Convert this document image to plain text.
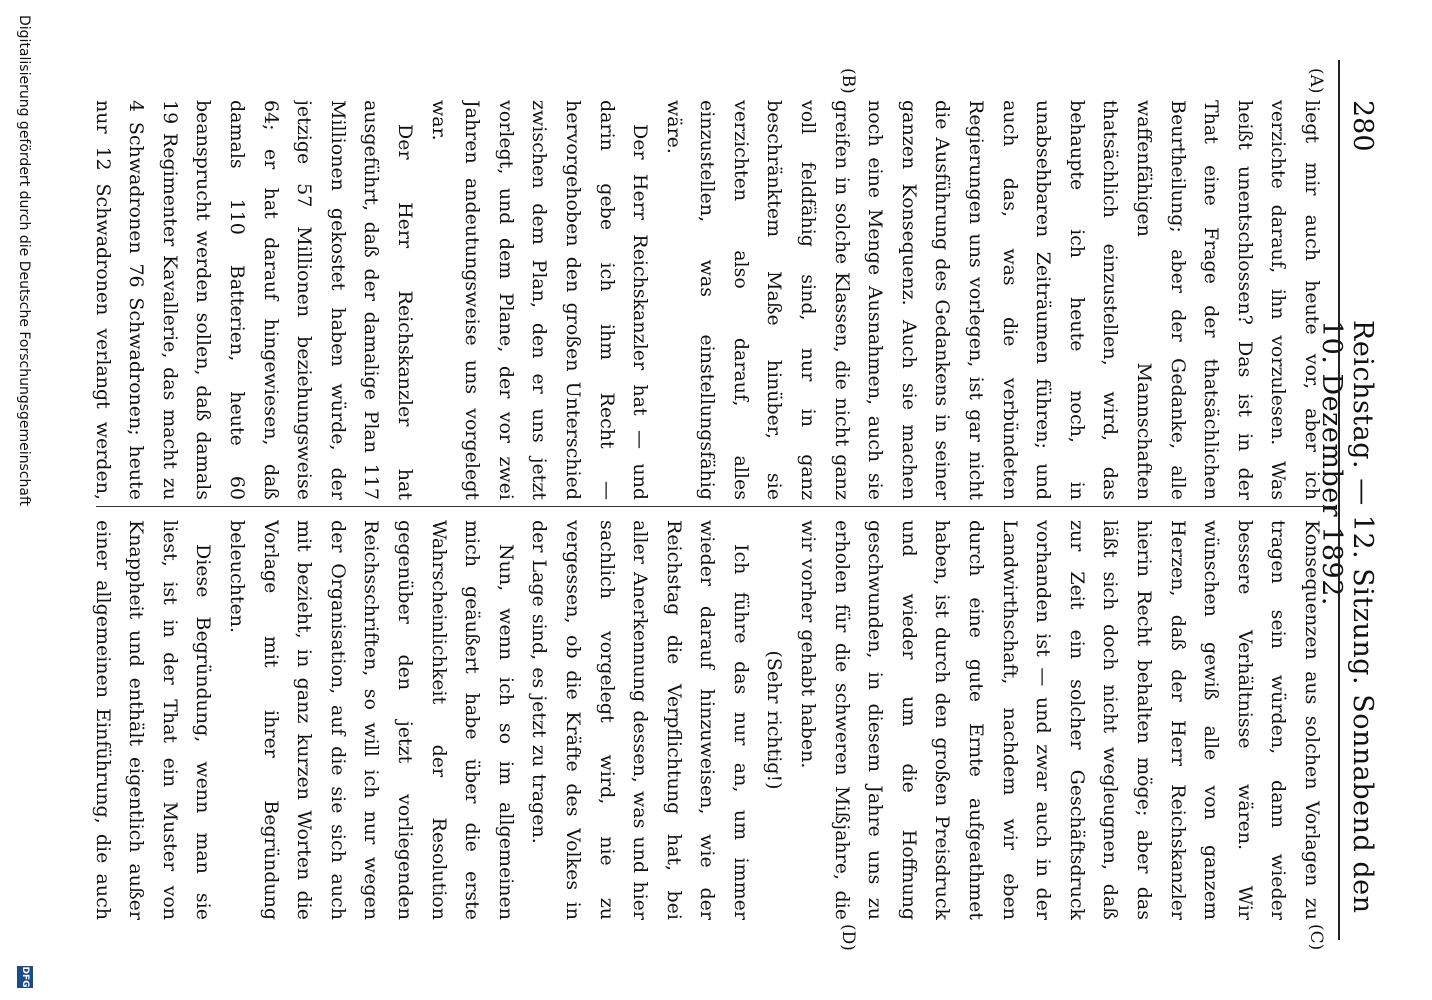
280
Reichstag. — 12. Sitzung. Sonnabend den 10. Dezember 1892.
(A)
(B)
(C)
(D)

liegt mir auch heute vor, aber ich verzichte darauf, ihn vorzulesen. Was heißt unentschlossen? Das ist in der That eine Frage der thatsächlichen Beurtheilung; aber der Gedanke, alle waffenfähigen Mannschaften thatsächlich einzustellen, wird, das behaupte ich heute noch, in unabsehbaren Zeiträumen führen; und auch das, was die verbündeten Regierungen uns vorlegen, ist gar nicht die Ausführung des Gedankens in seiner ganzen Konsequenz. Auch sie machen noch eine Menge Ausnahmen, auch sie greifen in solche Klassen, die nicht ganz voll feldfähig sind, nur in ganz beschränktem Maße hinüber, sie verzichten also darauf, alles einzustellen, was einstellungsfähig wäre.

Der Herr Reichskanzler hat — und darin gebe ich ihm Recht — hervorgehoben den großen Unterschied zwischen dem Plan, den er uns jetzt vorlegt, und dem Plane, der vor zwei Jahren andeutungsweise uns vorgelegt war.

Der Herr Reichskanzler hat ausgeführt, daß der damalige Plan 117 Millionen gekostet haben würde, der jetzige 57 Millionen beziehungsweise 64; er hat darauf hingewiesen, daß damals 110 Batterien, heute 60 beansprucht werden sollen, daß damals 19 Regimenter Kavallerie, das macht zu 4 Schwadronen 76 Schwadronen; heute nur 12 Schwadronen verlangt werden,

Konsequenzen aus solchen Vorlagen zu tragen sein würden, dann wieder bessere Verhältnisse wären. Wir wünschen gewiß alle von ganzem Herzen, daß der Herr Reichskanzler hierin Recht behalten möge; aber das läßt sich doch nicht wegleugnen, daß zur Zeit ein solcher Geschäftsdruck vorhanden ist — und zwar auch in der Landwirthschaft, nachdem wir eben durch eine gute Ernte aufgeathmet haben, ist durch den großen Preisdruck und wieder um die Hoffnung geschwunden, in diesem Jahre uns zu erholen für die schweren Mißjahre, die wir vorher gehabt haben.

(Sehr richtig!)

Ich führe das nur an, um immer wieder darauf hinzuweisen, wie der Reichstag die Verpflichtung hat, bei aller Anerkennung dessen, was und hier sachlich vorgelegt wird, nie zu vergessen, ob die Kräfte des Volkes in der Lage sind, es jetzt zu tragen.

Nun, wenn ich so im allgemeinen mich geäußert habe über die erste Wahrscheinlichkeit der Resolution gegenüber den jetzt vorliegenden Reichsschriften, so will ich nur wegen der Organisation, auf die sie sich auch mit bezieht, in ganz kurzen Worten die Vorlage mit ihrer Begründung beleuchten.

Diese Begründung, wenn man sie liest, ist in der That ein Muster von Knappheit und enthält eigentlich außer einer allgemeinen Einführung, die auch

Digitalisierung gefördert durch die Deutsche Forschungsgemeinschaft
DFG
